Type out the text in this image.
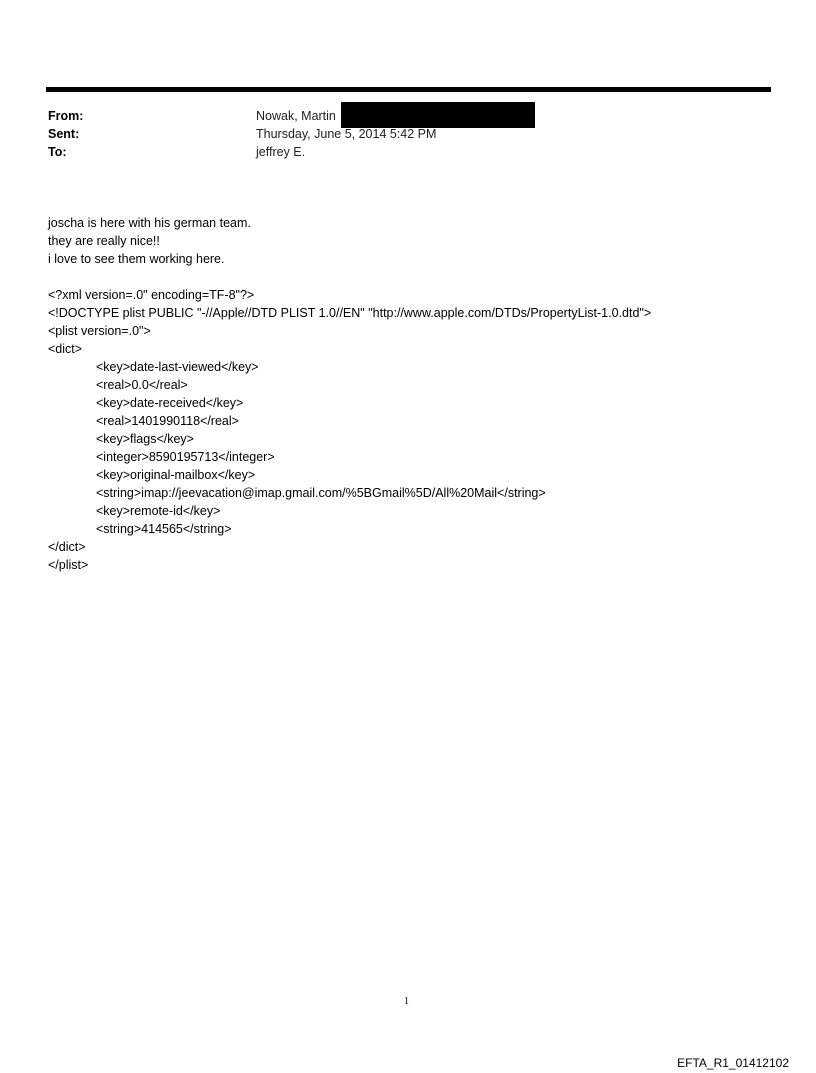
From:	Nowak, Martin
Sent:	Thursday, June 5, 2014 5:42 PM
To:	jeffrey E.
joscha is here with his german team.
they are really nice!!
i love to see them working here.
<?xml version=.0" encoding=TF-8"?>
<!DOCTYPE plist PUBLIC "-//Apple//DTD PLIST 1.0//EN" "http://www.apple.com/DTDs/PropertyList-1.0.dtd">
<plist version=.0">
<dict>
<key>date-last-viewed</key>
<real>0.0</real>
<key>date-received</key>
<real>1401990118</real>
<key>flags</key>
<integer>8590195713</integer>
<key>original-mailbox</key>
<string>imap://jeevacation@imap.gmail.com/%5BGmail%5D/All%20Mail</string>
<key>remote-id</key>
<string>414565</string>
</dict>
</plist>
1
EFTA_R1_01412102
